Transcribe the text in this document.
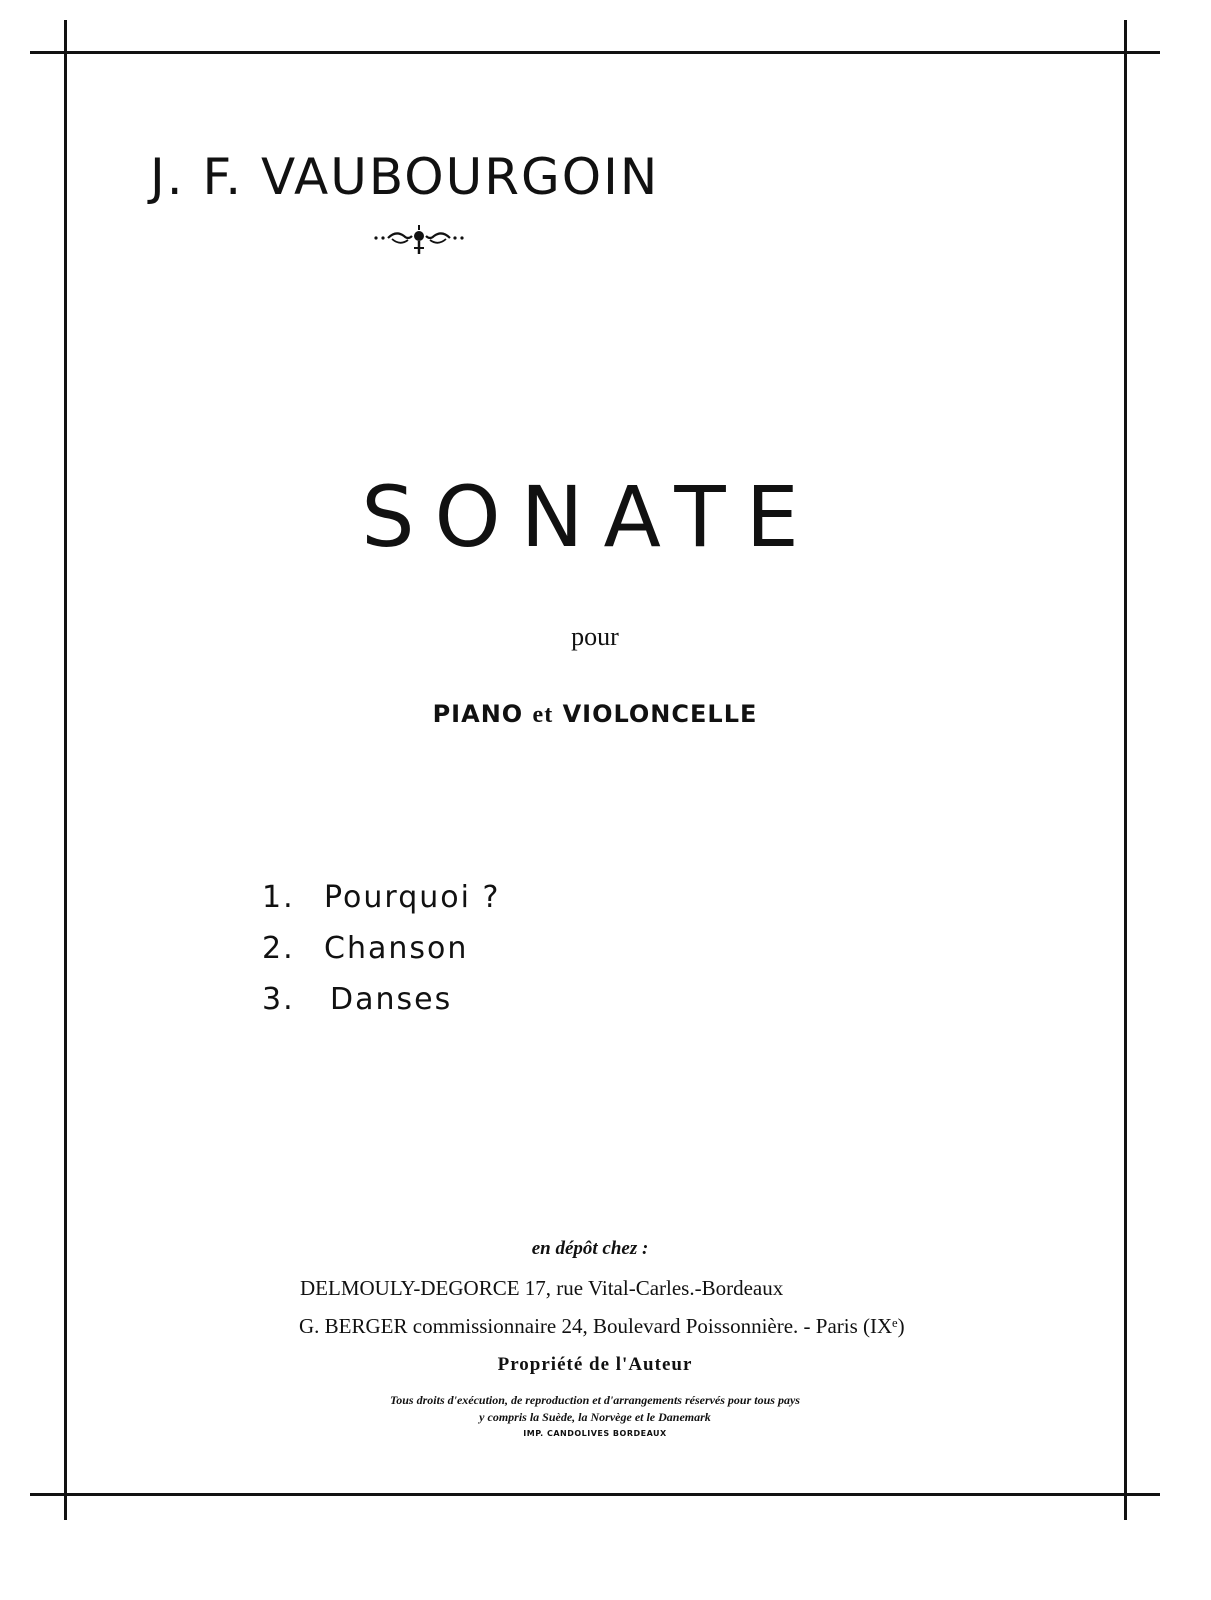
J. F. VAUBOURGOIN
SONATE
pour
PIANO et VIOLONCELLE
1. Pourquoi ?
2. Chanson
3. Danses
en dépôt chez :
DELMOULY-DEGORCE 17, rue Vital-Carles.-Bordeaux
G. BERGER commissionnaire 24, Boulevard Poissonnière. - Paris (IXᵉ)
Propriété de l'Auteur
Tous droits d'exécution, de reproduction et d'arrangements réservés pour tous pays
y compris la Suède, la Norvège et le Danemark
IMP. CANDOLIVES BORDEAUX
